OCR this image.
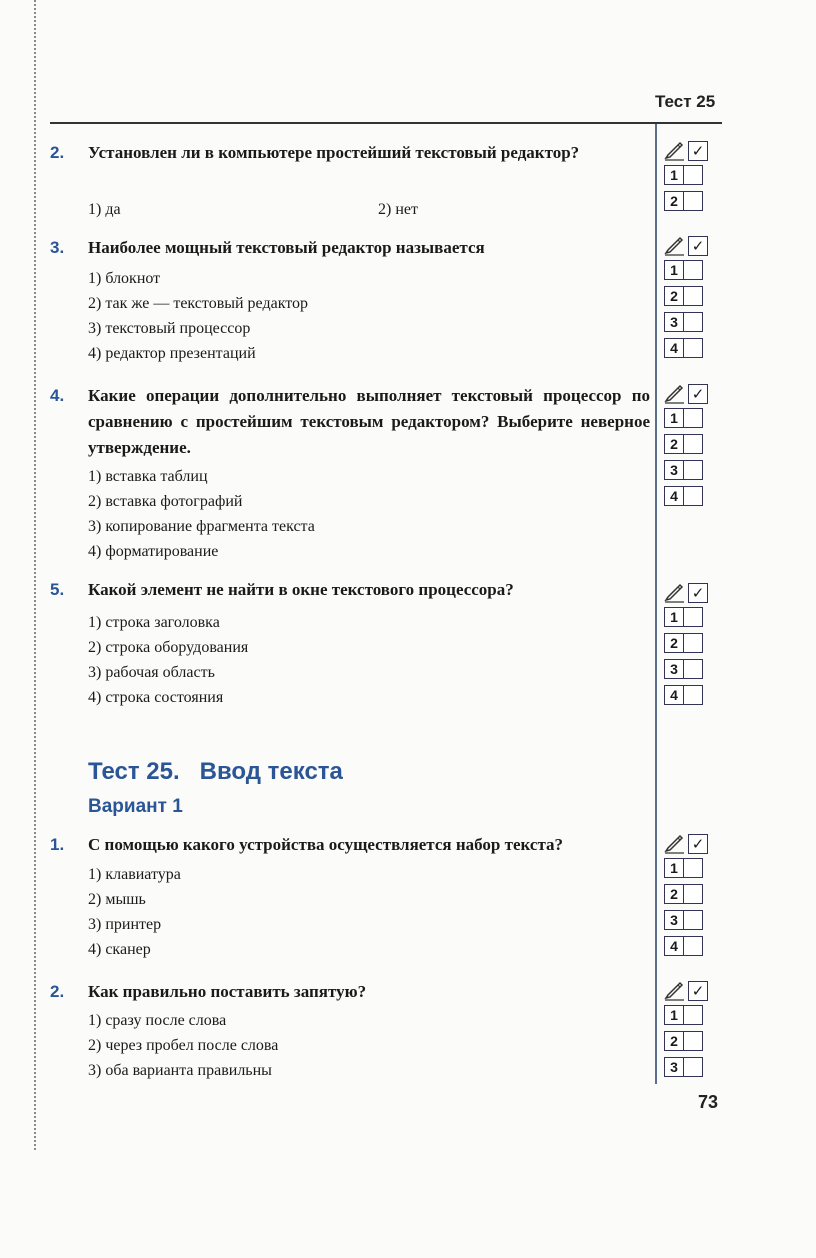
Тест 25
2. Установлен ли в компьютере простейший текстовый редактор?
1) да	2) нет
3. Наиболее мощный текстовый редактор называется
1) блокнот
2) так же — текстовый редактор
3) текстовый процессор
4) редактор презентаций
4. Какие операции дополнительно выполняет текстовый процессор по сравнению с простейшим текстовым редактором? Выберите неверное утверждение.
1) вставка таблиц
2) вставка фотографий
3) копирование фрагмента текста
4) форматирование
5. Какой элемент не найти в окне текстового процессора?
1) строка заголовка
2) строка оборудования
3) рабочая область
4) строка состояния
Тест 25.   Ввод текста
Вариант 1
1. С помощью какого устройства осуществляется набор текста?
1) клавиатура
2) мышь
3) принтер
4) сканер
2. Как правильно поставить запятую?
1) сразу после слова
2) через пробел после слова
3) оба варианта правильны
✓
1
2
✓
1
2
3
4
✓
1
2
3
4
✓
1
2
3
4
✓
1
2
3
4
✓
1
2
3
73
